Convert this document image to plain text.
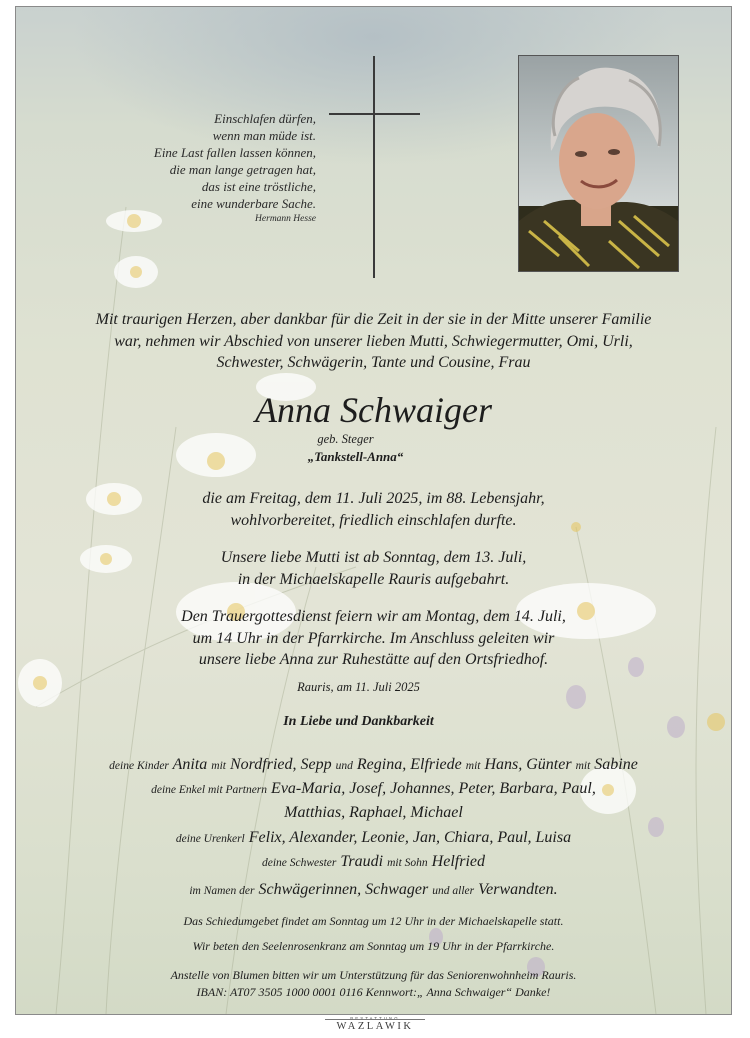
Einschlafen dürfen,
wenn man müde ist.
Eine Last fallen lassen können,
die man lange getragen hat,
das ist eine tröstliche,
eine wunderbare Sache.
Hermann Hesse
Mit traurigen Herzen, aber dankbar für die Zeit in der sie in der Mitte unserer Familie
war, nehmen wir Abschied von unserer lieben Mutti, Schwiegermutter, Omi, Urli,
Schwester, Schwägerin, Tante und Cousine, Frau
Anna Schwaiger
geb. Steger
„Tankstell-Anna“
die am Freitag, dem 11. Juli 2025, im 88. Lebensjahr,
wohlvorbereitet, friedlich einschlafen durfte.
Unsere liebe Mutti ist ab Sonntag, dem 13. Juli,
in der Michaelskapelle Rauris aufgebahrt.
Den Trauergottesdienst feiern wir am Montag, dem 14. Juli,
um 14 Uhr in der Pfarrkirche. Im Anschluss geleiten wir
unsere liebe Anna zur Ruhestätte auf den Ortsfriedhof.
Rauris, am 11. Juli 2025
In Liebe und Dankbarkeit
deine Kinder Anita mit Nordfried, Sepp und Regina, Elfriede mit Hans, Günter mit Sabine
deine Enkel mit Partnern Eva-Maria, Josef, Johannes, Peter, Barbara, Paul,
Matthias, Raphael, Michael
deine Urenkerl Felix, Alexander, Leonie, Jan, Chiara, Paul, Luisa
deine Schwester Traudi mit Sohn Helfried
im Namen der Schwägerinnen, Schwager und aller Verwandten.
Das Schiedumgebet findet am Sonntag um 12 Uhr in der Michaelskapelle statt.
Wir beten den Seelenrosenkranz am Sonntag um 19 Uhr in der Pfarrkirche.
Anstelle von Blumen bitten wir um Unterstützung für das Seniorenwohnheim Rauris.
IBAN: AT07 3505 1000 0001 0116 Kennwort:„ Anna Schwaiger“ Danke!
WAZLAWIK
